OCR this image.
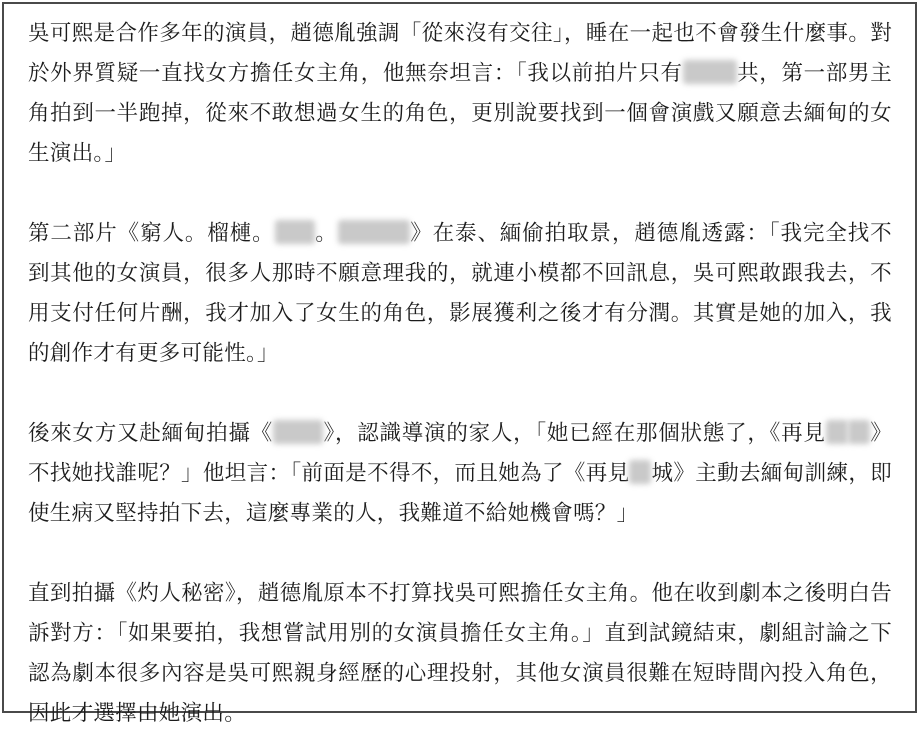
吳可熙是合作多年的演員，趙德胤強調「從來沒有交往」，睡在一起也不會發生什麼事。對於外界質疑一直找女方擔任女主角，他無奈坦言：「我以前拍片只有	共，第一部男主角拍到一半跑掉，從來不敢想過女生的角色，更別說要找到一個會演戲又願意去緬甸的女生演出。」

第二部片《窮人。榴槤。 。	》在泰、緬偷拍取景，趙德胤透露：「我完全找不到其他的女演員，很多人那時不願意理我的，就連小模都不回訊息，吳可熙敢跟我去，不用支付任何片酬，我才加入了女生的角色，影展獲利之後才有分潤。其實是她的加入，我的創作才有更多可能性。」

後來女方又赴緬甸拍攝《 》，認識導演的家人，「她已經在那個狀態了，《再見 》不找她找誰呢？」他坦言：「前面是不得不，而且她為了《再見 城》主動去緬甸訓練，即使生病又堅持拍下去，這麼專業的人，我難道不給她機會嗎？」

直到拍攝《灼人秘密》，趙德胤原本不打算找吳可熙擔任女主角。他在收到劇本之後明白告訴對方：「如果要拍，我想嘗試用別的女演員擔任女主角。」直到試鏡結束，劇組討論之下認為劇本很多內容是吳可熙親身經歷的心理投射，其他女演員很難在短時間內投入角色，因此才選擇由她演出。
